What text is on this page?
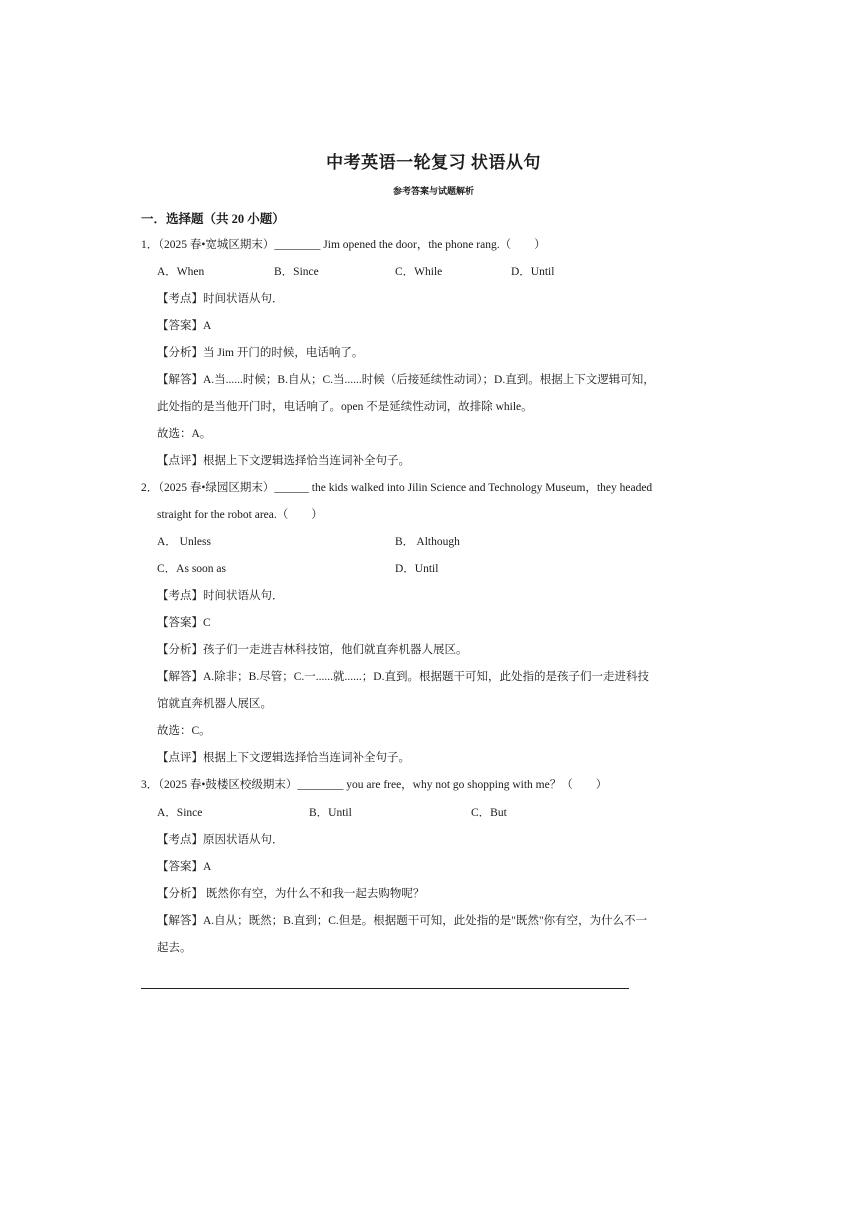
中考英语一轮复习 状语从句
参考答案与试题解析
一．选择题（共 20 小题）
1．（2025 春•宽城区期末）________ Jim opened the door，the phone rang.（　　）
A．When	B．Since	C．While	D．Until
【考点】时间状语从句．
【答案】A
【分析】当 Jim 开门的时候，电话响了。
【解答】A.当......时候；B.自从；C.当......时候（后接延续性动词）；D.直到。根据上下文逻辑可知，
此处指的是当他开门时，电话响了。open 不是延续性动词，故排除 while。
故选：A。
【点评】根据上下文逻辑选择恰当连词补全句子。
2．（2025 春•绿园区期末）______ the kids walked into Jilin Science and Technology Museum，they headed
straight for the robot area.（　　）
A． Unless	B． Although
C．As soon as	D．Until
【考点】时间状语从句．
【答案】C
【分析】孩子们一走进吉林科技馆，他们就直奔机器人展区。
【解答】A.除非；B.尽管；C.一......就......；D.直到。根据题干可知，此处指的是孩子们一走进科技
馆就直奔机器人展区。
故选：C。
【点评】根据上下文逻辑选择恰当连词补全句子。
3．（2025 春•鼓楼区校级期末）________ you are free，why not go shopping with me？（　　）
A．Since	B．Until	C．But
【考点】原因状语从句．
【答案】A
【分析】 既然你有空，为什么不和我一起去购物呢？
【解答】A.自从；既然；B.直到；C.但是。根据题干可知，此处指的是"既然"你有空，为什么不一
起去。
